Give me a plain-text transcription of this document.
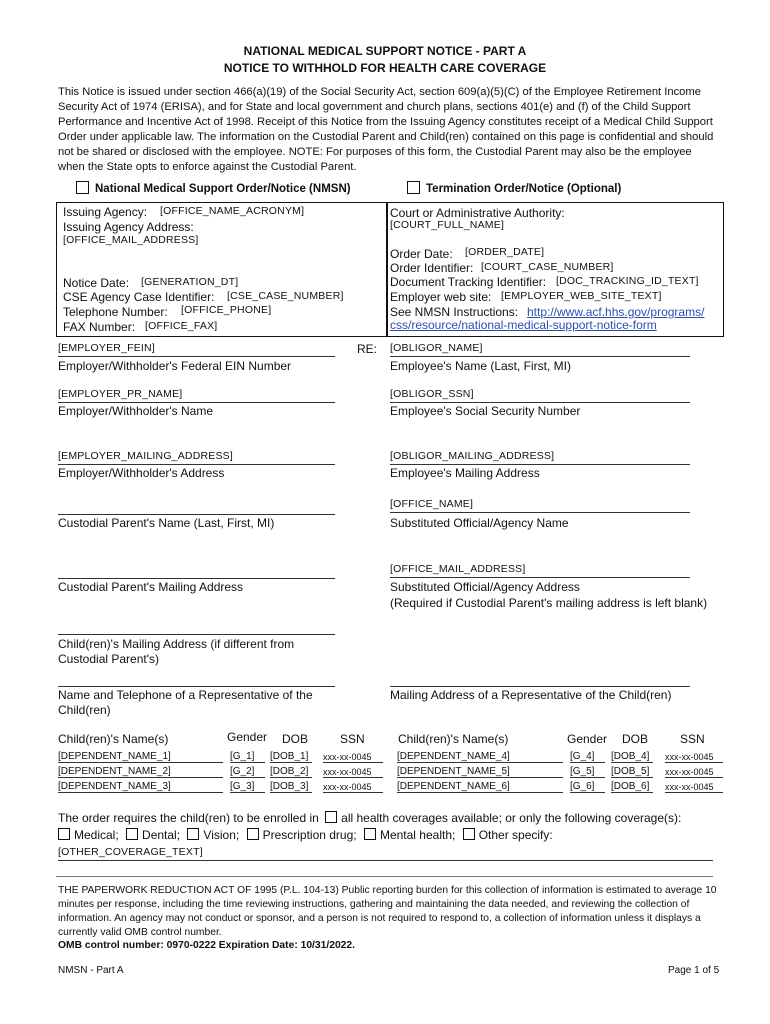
NATIONAL MEDICAL SUPPORT NOTICE - PART A
NOTICE TO WITHHOLD FOR HEALTH CARE COVERAGE
This Notice is issued under section 466(a)(19) of the Social Security Act, section 609(a)(5)(C) of the Employee Retirement Income Security Act of 1974 (ERISA), and for State and local government and church plans, sections 401(e) and (f) of the Child Support Performance and Incentive Act of 1998. Receipt of this Notice from the Issuing Agency constitutes receipt of a Medical Child Support Order under applicable law. The information on the Custodial Parent and Child(ren) contained on this page is confidential and should not be shared or disclosed with the employee. NOTE: For purposes of this form, the Custodial Parent may also be the employee when the State opts to enforce against the Custodial Parent.
National Medical Support Order/Notice (NMSN)	Termination Order/Notice (Optional)
Issuing Agency: [OFFICE_NAME_ACRONYM]
Issuing Agency Address:
[OFFICE_MAIL_ADDRESS]
Notice Date: [GENERATION_DT]
CSE Agency Case Identifier: [CSE_CASE_NUMBER]
Telephone Number: [OFFICE_PHONE]
FAX Number: [OFFICE_FAX]
Court or Administrative Authority:
[COURT_FULL_NAME]
Order Date: [ORDER_DATE]
Order Identifier: [COURT_CASE_NUMBER]
Document Tracking Identifier: [DOC_TRACKING_ID_TEXT]
Employer web site: [EMPLOYER_WEB_SITE_TEXT]
See NMSN Instructions: http://www.acf.hhs.gov/programs/
css/resource/national-medical-support-notice-form
RE:
[EMPLOYER_FEIN]
Employer/Withholder's Federal EIN Number
[EMPLOYER_PR_NAME]
Employer/Withholder's Name
[EMPLOYER_MAILING_ADDRESS]
Employer/Withholder's Address
Custodial Parent's Name (Last, First, MI)
Custodial Parent's Mailing Address
Child(ren)'s Mailing Address (if different from Custodial Parent's)
Name and Telephone of a Representative of the Child(ren)
[OBLIGOR_NAME]
Employee's Name (Last, First, MI)
[OBLIGOR_SSN]
Employee's Social Security Number
[OBLIGOR_MAILING_ADDRESS]
Employee's Mailing Address
[OFFICE_NAME]
Substituted Official/Agency Name
[OFFICE_MAIL_ADDRESS]
Substituted Official/Agency Address
(Required if Custodial Parent's mailing address is left blank)
Mailing Address of a Representative of the Child(ren)
Child(ren)'s Name(s)	Gender DOB	SSN	Child(ren)'s Name(s)	Gender DOB	SSN
[DEPENDENT_NAME_1]	[G_1]	[DOB_1]	xxx-xx-0045
[DEPENDENT_NAME_2]	[G_2]	[DOB_2]	xxx-xx-0045
[DEPENDENT_NAME_3]	[G_3]	[DOB_3]	xxx-xx-0045
[DEPENDENT_NAME_4]	[G_4]	[DOB_4]	xxx-xx-0045
[DEPENDENT_NAME_5]	[G_5]	[DOB_5]	xxx-xx-0045
[DEPENDENT_NAME_6]	[G_6]	[DOB_6]	xxx-xx-0045
The order requires the child(ren) to be enrolled in all health coverages available; or only the following coverage(s):
Medical; Dental; Vision; Prescription drug; Mental health; Other specify:
[OTHER_COVERAGE_TEXT]
THE PAPERWORK REDUCTION ACT OF 1995 (P.L. 104-13) Public reporting burden for this collection of information is estimated to average 10 minutes per response, including the time reviewing instructions, gathering and maintaining the data needed, and reviewing the collection of information. An agency may not conduct or sponsor, and a person is not required to respond to, a collection of information unless it displays a currently valid OMB control number.
OMB control number: 0970-0222 Expiration Date: 10/31/2022.
NMSN - Part A	Page 1 of 5
